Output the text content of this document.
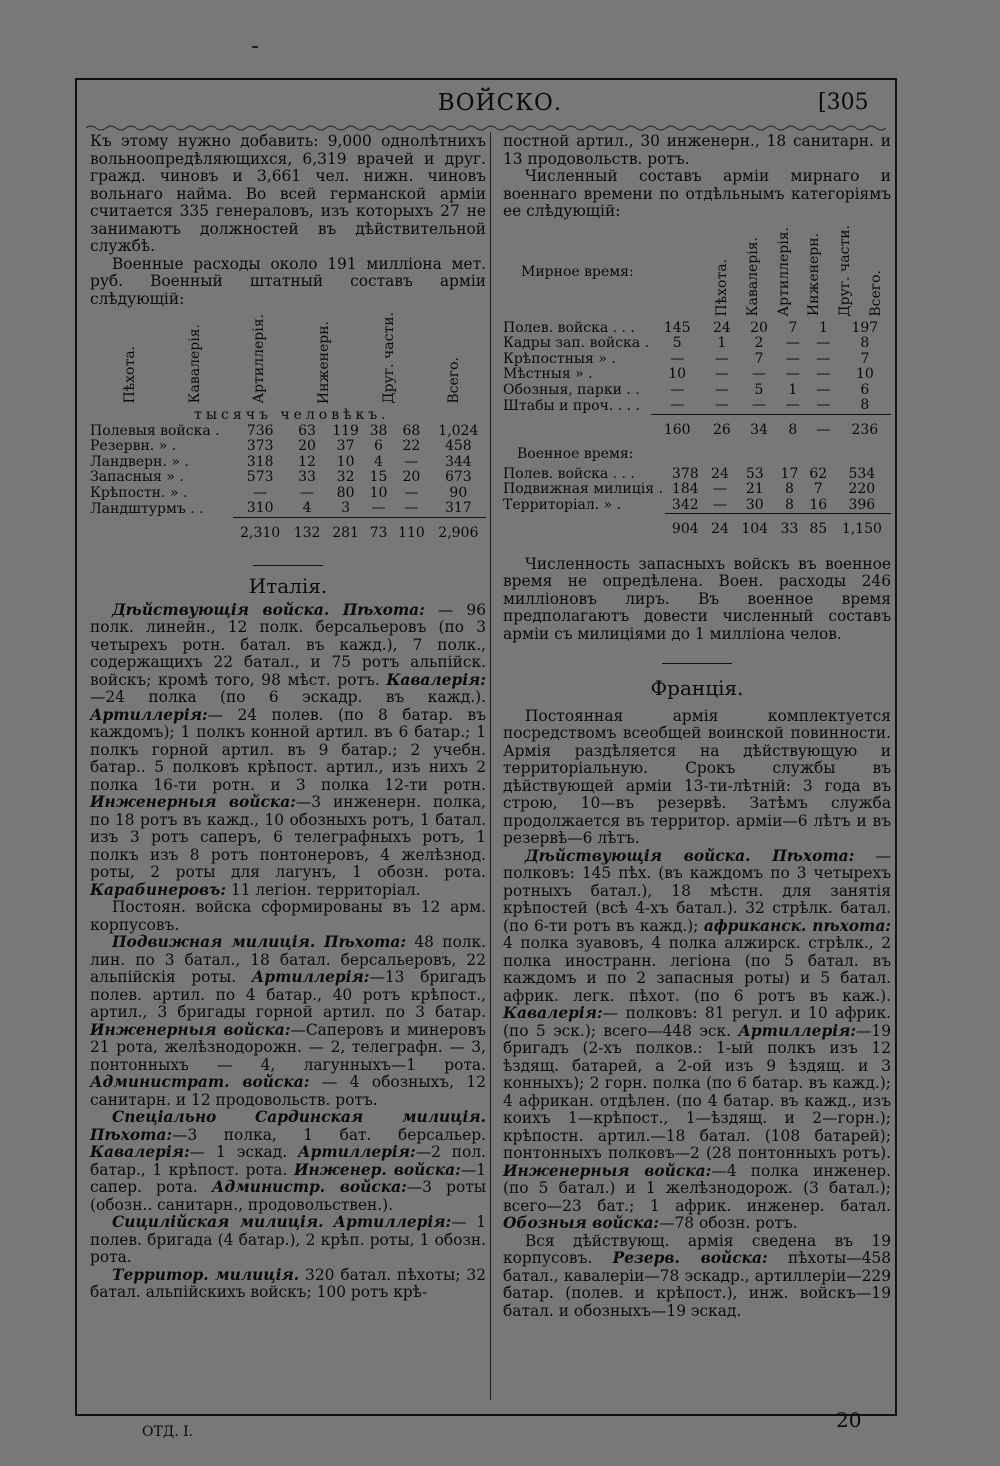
ВОЙСКО.	[305

Къ этому нужно добавить: 9,000 однолѣтнихъ вольноопредѣляющихся, 6,319 врачей и друг. гражд. чиновъ и 3,661 чел. нижн. чиновъ вольнаго найма. Во всей германской арміи считается 335 генераловъ, изъ которыхъ 27 не занимаютъ должностей въ дѣйствительной службѣ.

Военные расходы около 191 милліона мет. руб. Военный штатный составъ арміи слѣдующій:

	Пѣхота.	Кавалерія.	Артиллерія.	Инженерн.	Друг. части.	Всего.
	тысячъ человѣкъ.					
Полевыя войска .	736	63	119	38	68	1,024
Резервн. » .	373	20	37	6	22	458
Ландверн. » .	318	12	10	4	—	344
Запасныя » .	573	33	32	15	20	673
Крѣпостн. » .	—	—	80	10	—	90
Ландштурмъ . .	310	4	3	—	—	317
	2,310	132	281	73	110	2,906

Италія.

Дѣйствующія войска. Пѣхота: — 96 полк. линейн., 12 полк. берсальеровъ (по 3 четырехъ ротн. батал. въ кажд.), 7 полк., содержащихъ 22 батал., и 75 ротъ альпійск. войскъ; кромѣ того, 98 мѣст. ротъ. Кавалерія:—24 полка (по 6 эскадр. въ кажд.). Артиллерія:— 24 полев. (по 8 батар. въ каждомъ); 1 полкъ конной артил. въ 6 батар.; 1 полкъ горной артил. въ 9 батар.; 2 учебн. батар.. 5 полковъ крѣпост. артил., изъ нихъ 2 полка 16-ти ротн. и 3 полка 12-ти ротн. Инженерныя войска:—3 инженерн. полка, по 18 ротъ въ кажд., 10 обозныхъ ротъ, 1 батал. изъ 3 ротъ саперъ, 6 телеграфныхъ ротъ, 1 полкъ изъ 8 ротъ понтонеровъ, 4 желѣзнод. роты, 2 роты для лагунъ, 1 обозн. рота. Карабинеровъ: 11 легіон. территоріал.

Постоян. войска сформированы въ 12 арм. корпусовъ.

Подвижная милиція. Пѣхота: 48 полк. лин. по 3 батал., 18 батал. берсальеровъ, 22 альпійскія роты. Артиллерія:—13 бригадъ полев. артил. по 4 батар., 40 ротъ крѣпост., артил., 3 бригады горной артил. по 3 батар. Инженерныя войска:—Саперовъ и минеровъ 21 рота, желѣзнодорожн. — 2, телеграфн. — 3, понтонныхъ — 4, лагунныхъ—1 рота. Администрат. войска: — 4 обозныхъ, 12 санитарн. и 12 продовольств. ротъ.

Спеціально Сардинская милиція. Пѣхота:—3 полка, 1 бат. берсальер. Кавалерія:— 1 эскад. Артиллерія:—2 пол. батар., 1 крѣпост. рота. Инженер. войска:—1 сапер. рота. Администр. войска:—3 роты (обозн.. санитарн., продовольствен.).

Сицилійская милиція. Артиллерія:— 1 полев. бригада (4 батар.), 2 крѣп. роты, 1 обозн. рота.

Территор. милиція. 320 батал. пѣхоты; 32 батал. альпійскихъ войскъ; 100 ротъ крѣ-

постной артил., 30 инженерн., 18 санитарн. и 13 продовольств. ротъ.

Численный составъ арміи мирнаго и военнаго времени по отдѣльнымъ категоріямъ ее слѣдующій:

Мирное время:	Пѣхота.	Кавалерія.	Артиллерія.	Инженерн.	Друг. части.	Всего.
Полев. войска . . .	145	24	20	7	1	197
Кадры зап. войска .	5	1	2	—	—	8
Крѣпостныя » .	—	—	7	—	—	7
Мѣстныя » .	10	—	—	—	—	10
Обозныя, парки . .	—	—	5	1	—	6
Штабы и проч. . . .	—	—	—	—	—	8
	160	26	34	8	—	236
Военное время:
Полев. войска . . .	378	24	53	17	62	534
Подвижная милиція .	184	—	21	8	7	220
Территоріал. » .	342	—	30	8	16	396
	904	24	104	33	85	1,150

Численность запасныхъ войскъ въ военное время не опредѣлена. Воен. расходы 246 милліоновъ лиръ. Въ военное время предполагаютъ довести численный составъ арміи съ милиціями до 1 милліона челов.

Франція.

Постоянная армія комплектуется посредствомъ всеобщей воинской повинности. Армія раздѣляется на дѣйствующую и территоріальную. Срокъ службы въ дѣйствующей арміи 13-ти-лѣтній: 3 года въ строю, 10—въ резервѣ. Затѣмъ служба продолжается въ территор. арміи—6 лѣтъ и въ резервѣ—6 лѣтъ.

Дѣйствующія войска. Пѣхота: — полковъ: 145 пѣх. (въ каждомъ по 3 четырехъ ротныхъ батал.), 18 мѣстн. для занятія крѣпостей (всѣ 4-хъ батал.). 32 стрѣлк. батал. (по 6-ти ротъ въ кажд.); африканск. пѣхота: 4 полка зуавовъ, 4 полка алжирск. стрѣлк., 2 полка иностранн. легіона (по 5 батал. въ каждомъ и по 2 запасныя роты) и 5 батал. африк. легк. пѣхот. (по 6 ротъ въ каж.). Кавалерія:— полковъ: 81 регул. и 10 африк. (по 5 эск.); всего—448 эск. Артиллерія:—19 бригадъ (2-хъ полков.: 1-ый полкъ изъ 12 ѣздящ. батарей, а 2-ой изъ 9 ѣздящ. и 3 конныхъ); 2 горн. полка (по 6 батар. въ кажд.); 4 африкан. отдѣлен. (по 4 батар. въ кажд., изъ коихъ 1—крѣпост., 1—ѣздящ. и 2—горн.); крѣпостн. артил.—18 батал. (108 батарей); понтонныхъ полковъ—2 (28 понтонныхъ ротъ). Инженерныя войска:—4 полка инженер. (по 5 батал.) и 1 желѣзнодорож. (3 батал.); всего—23 бат.; 1 африк. инженер. батал. Обозныя войска:—78 обозн. ротъ.

Вся дѣйствующ. армія сведена въ 19 корпусовъ. Резерв. войска: пѣхоты—458 батал., кавалеріи—78 эскадр., артиллеріи—229 батар. (полев. и крѣпост.), инж. войскъ—19 батал. и обозныхъ—19 эскад.

ОТД. I.	20
